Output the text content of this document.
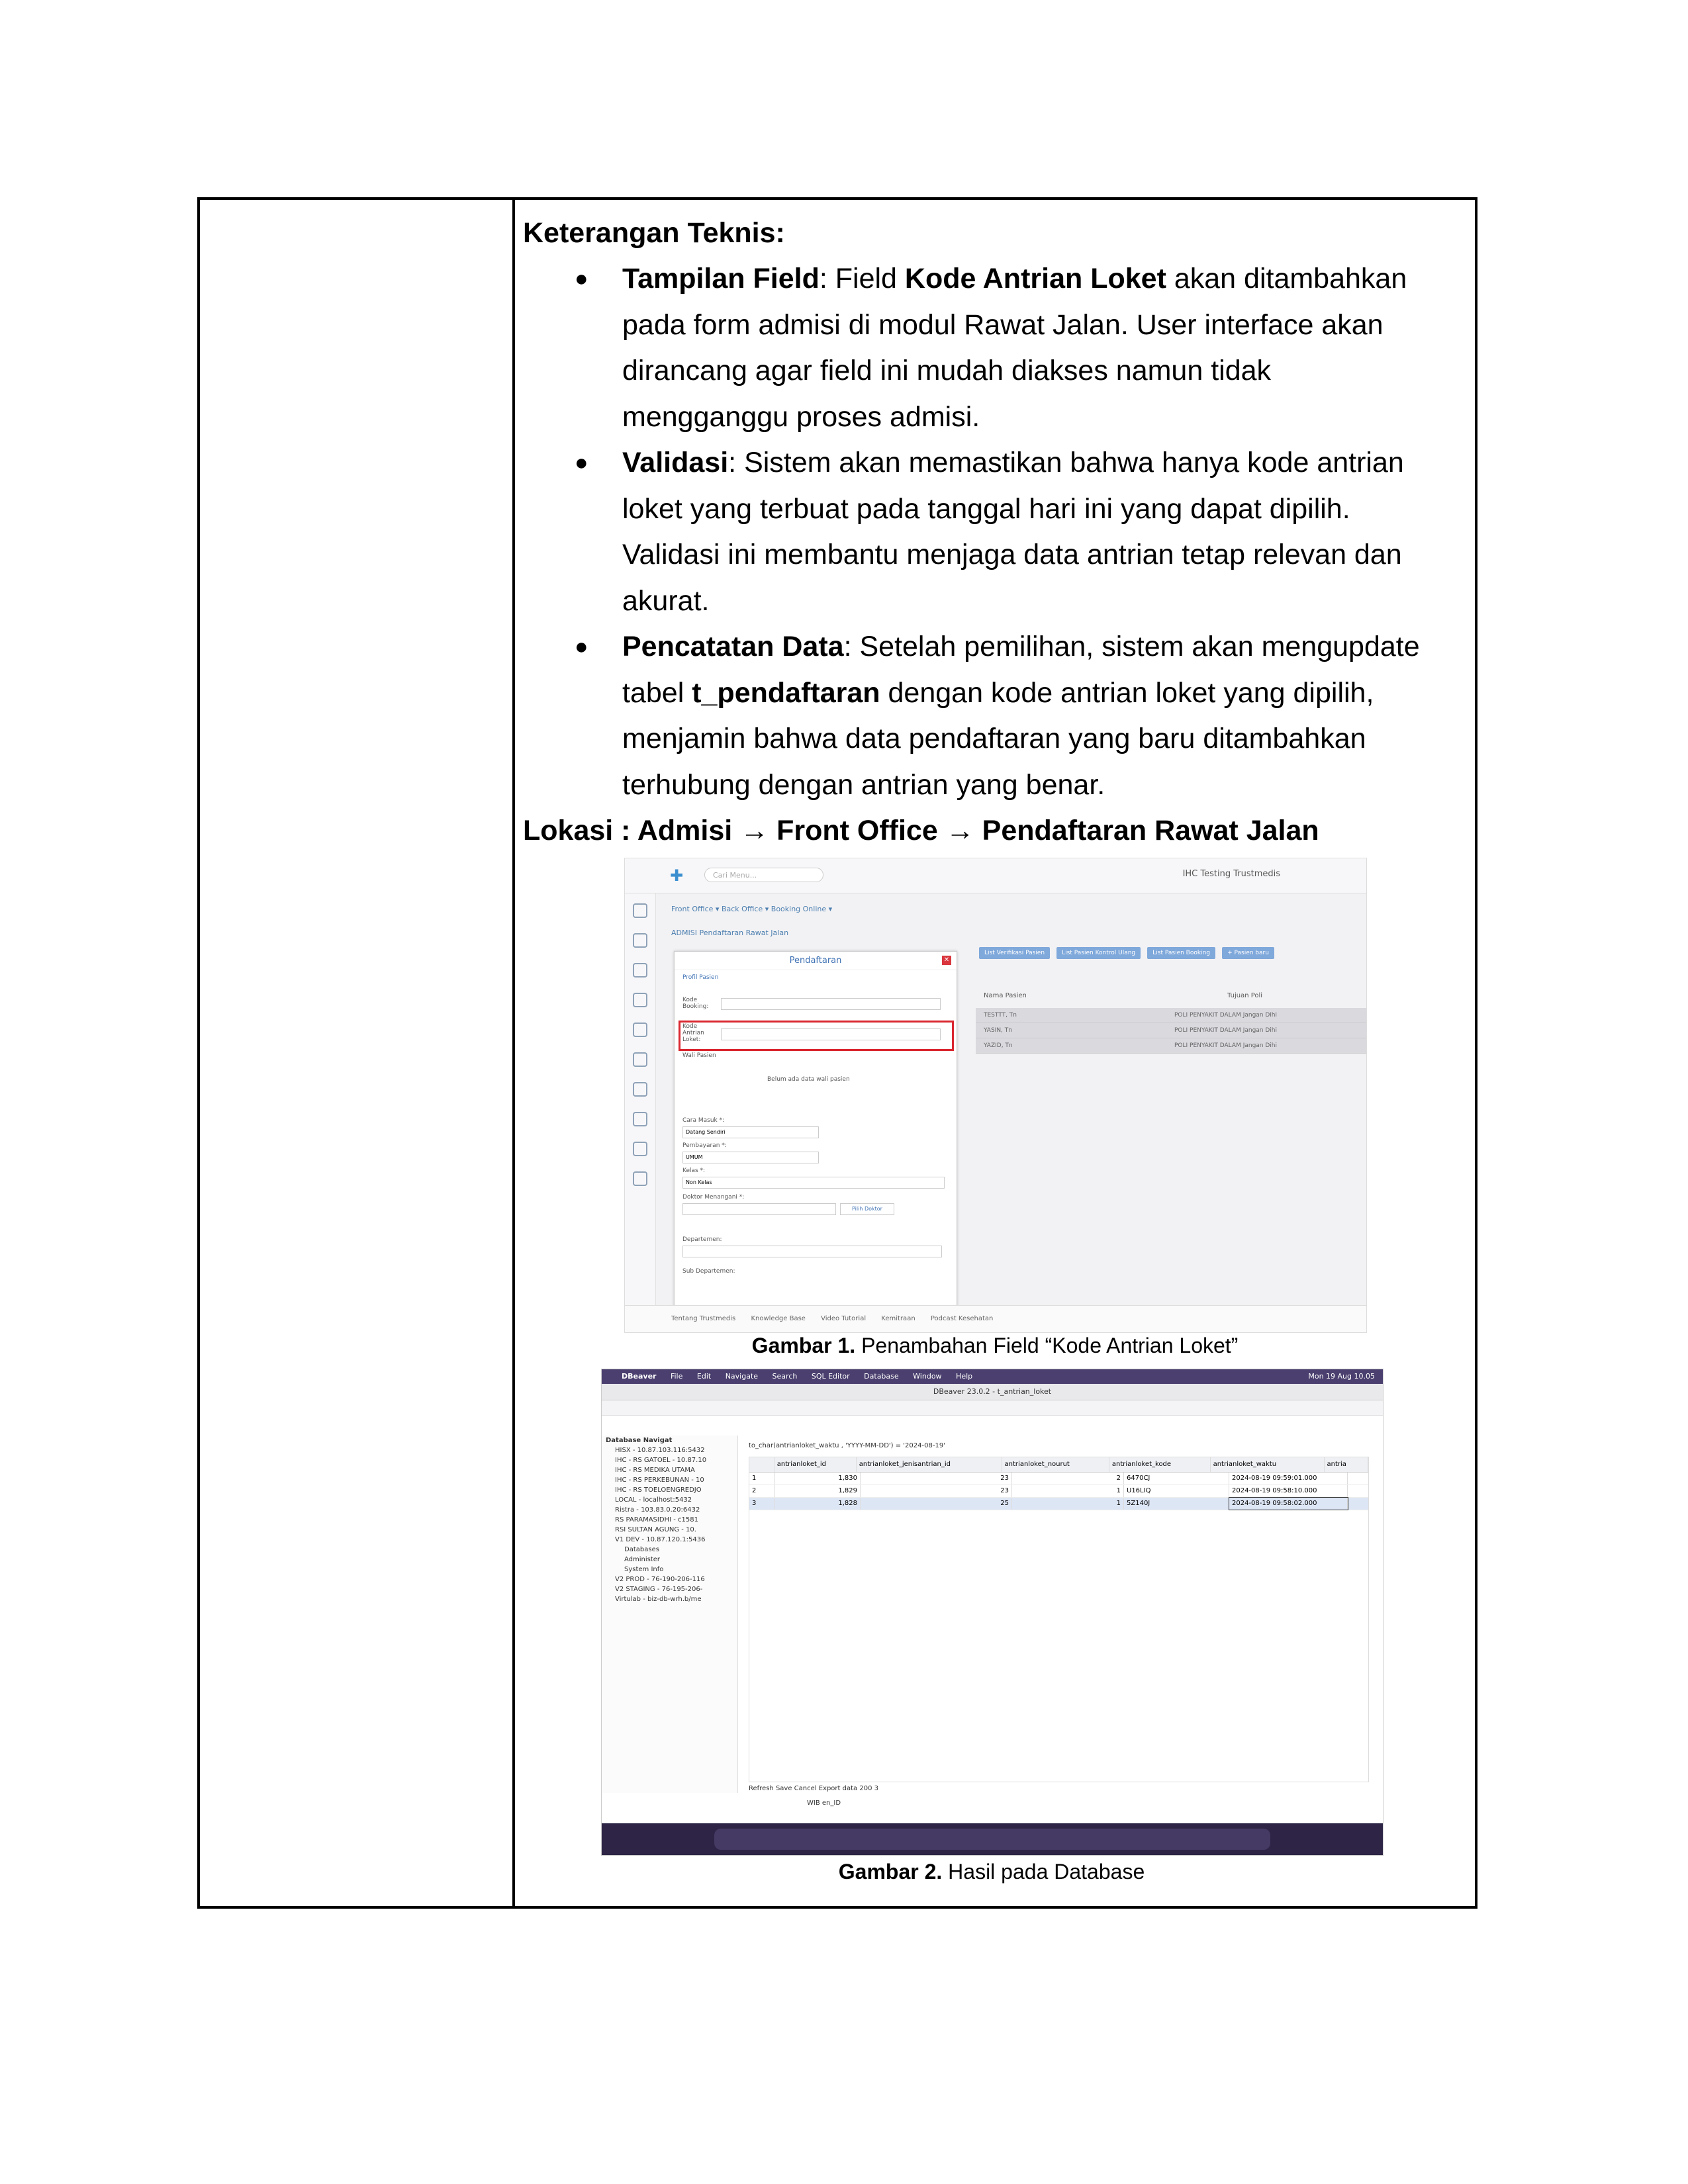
Keterangan Teknis:

● Tampilan Field: Field Kode Antrian Loket akan ditambahkan
pada form admisi di modul Rawat Jalan. User interface akan
dirancang agar field ini mudah diakses namun tidak
mengganggu proses admisi.
● Validasi: Sistem akan memastikan bahwa hanya kode antrian
loket yang terbuat pada tanggal hari ini yang dapat dipilih.
Validasi ini membantu menjaga data antrian tetap relevan dan
akurat.
● Pencatatan Data: Setelah pemilihan, sistem akan mengupdate
tabel t_pendaftaran dengan kode antrian loket yang dipilih,
menjamin bahwa data pendaftaran yang baru ditambahkan
terhubung dengan antrian yang benar.

Lokasi : Admisi → Front Office → Pendaftaran Rawat Jalan

✚	Cari Menu...	IHC Testing Trustmedis
Front Office ▾ Back Office ▾ Booking Online ▾
ADMISI Pendaftaran Rawat Jalan
List Verifikasi Pasien	List Pasien Kontrol Ulang	List Pasien Booking	+ Pasien baru
Nama Pasien	Tujuan Poli
TESTTT, Tn	POLI PENYAKIT DALAM Jangan Dihi
YASIN, Tn	POLI PENYAKIT DALAM Jangan Dihi
YAZID, Tn	POLI PENYAKIT DALAM Jangan Dihi
Pendaftaran	✕
Profil Pasien
Kode Booking:
Kode Antrian Loket:
Wali Pasien
Belum ada data wali pasien
Cara Masuk *:
Datang Sendiri
Pembayaran *:
UMUM
Kelas *:
Non Kelas
Doktor Menangani *:
Pilih Doktor
Departemen:
Sub Departemen:
Tentang Trustmedis Knowledge Base Video Tutorial Kemitraan Podcast Kesehatan
Gambar 1. Penambahan Field “Kode Antrian Loket”
DBeaver File Edit Navigate Search SQL Editor Database Window Help	Mon 19 Aug 10.05
DBeaver 23.0.2 - t_antrian_loket
Database Navigat
HISX - 10.87.103.116:5432
IHC - RS GATOEL - 10.87.10
IHC - RS MEDIKA UTAMA
IHC - RS PERKEBUNAN - 10
IHC - RS TOELOENGREDJO
LOCAL - localhost:5432
Ristra - 103.83.0.20:6432
RS PARAMASIDHI - c1581
RSI SULTAN AGUNG - 10.
V1 DEV - 10.87.120.1:5436
Databases
Administer
System Info
V2 PROD - 76-190-206-116
V2 STAGING - 76-195-206-
Virtulab - biz-db-wrh.b/me
to_char(antrianloket_waktu , 'YYYY-MM-DD') = '2024-08-19'
antrianloket_id	antrianloket_jenisantrian_id	antrianloket_nourut	antrianloket_kode	antrianloket_waktu	antria
1	1,830	23	2 6470CJ	2024-08-19 09:59:01.000
2	1,829	23	1 U16LIQ	2024-08-19 09:58:10.000
3	1,828	25	1 5Z140J	2024-08-19 09:58:02.000
Refresh Save Cancel Export data 200 3
WIB en_ID
Gambar 2. Hasil pada Database
